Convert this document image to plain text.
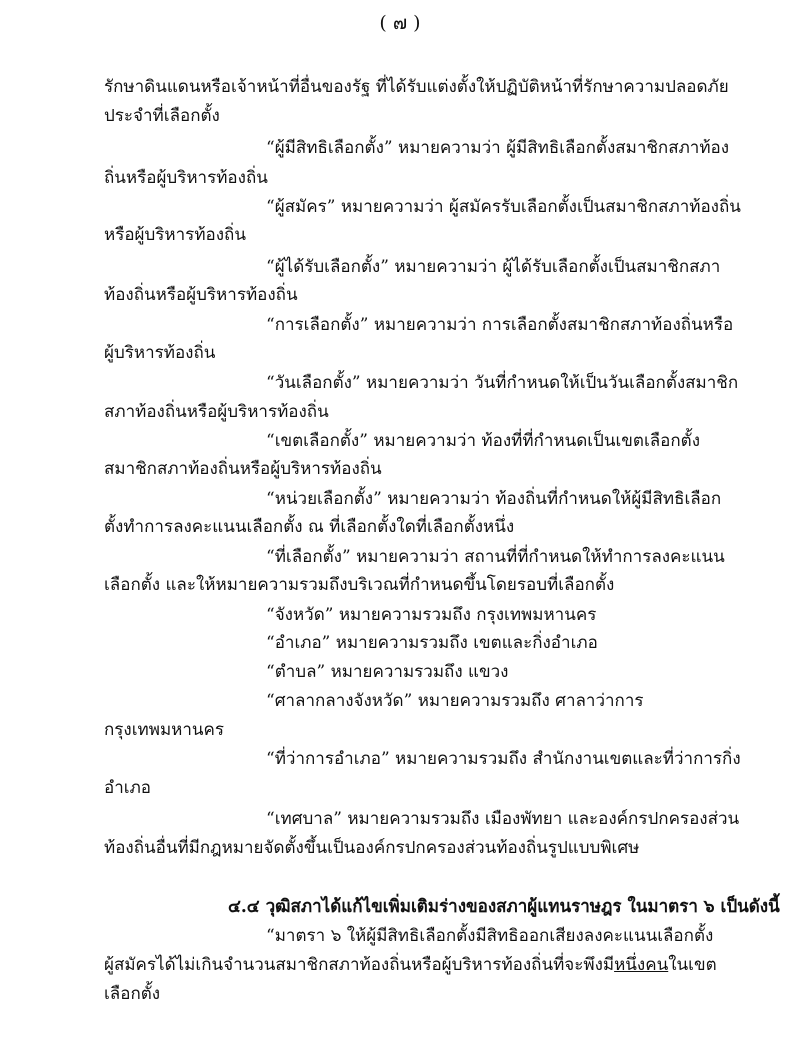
( ๗ )
รักษาดินแดนหรือเจ้าหน้าที่อื่นของรัฐ ที่ได้รับแต่งตั้งให้ปฏิบัติหน้าที่รักษาความปลอดภัย
ประจำที่เลือกตั้ง
“ผู้มีสิทธิเลือกตั้ง” หมายความว่า ผู้มีสิทธิเลือกตั้งสมาชิกสภาท้อง
ถิ่นหรือผู้บริหารท้องถิ่น
“ผู้สมัคร” หมายความว่า ผู้สมัครรับเลือกตั้งเป็นสมาชิกสภาท้องถิ่น
หรือผู้บริหารท้องถิ่น
“ผู้ได้รับเลือกตั้ง” หมายความว่า ผู้ได้รับเลือกตั้งเป็นสมาชิกสภา
ท้องถิ่นหรือผู้บริหารท้องถิ่น
“การเลือกตั้ง” หมายความว่า การเลือกตั้งสมาชิกสภาท้องถิ่นหรือ
ผู้บริหารท้องถิ่น
“วันเลือกตั้ง” หมายความว่า วันที่กำหนดให้เป็นวันเลือกตั้งสมาชิก
สภาท้องถิ่นหรือผู้บริหารท้องถิ่น
“เขตเลือกตั้ง” หมายความว่า ท้องที่ที่กำหนดเป็นเขตเลือกตั้ง
สมาชิกสภาท้องถิ่นหรือผู้บริหารท้องถิ่น
“หน่วยเลือกตั้ง” หมายความว่า ท้องถิ่นที่กำหนดให้ผู้มีสิทธิเลือก
ตั้งทำการลงคะแนนเลือกตั้ง ณ ที่เลือกตั้งใดที่เลือกตั้งหนึ่ง
“ที่เลือกตั้ง” หมายความว่า สถานที่ที่กำหนดให้ทำการลงคะแนน
เลือกตั้ง และให้หมายความรวมถึงบริเวณที่กำหนดขึ้นโดยรอบที่เลือกตั้ง
“จังหวัด” หมายความรวมถึง กรุงเทพมหานคร
“อำเภอ” หมายความรวมถึง เขตและกิ่งอำเภอ
“ตำบล” หมายความรวมถึง แขวง
“ศาลากลางจังหวัด” หมายความรวมถึง ศาลาว่าการ
กรุงเทพมหานคร
“ที่ว่าการอำเภอ” หมายความรวมถึง สำนักงานเขตและที่ว่าการกิ่ง
อำเภอ
“เทศบาล” หมายความรวมถึง เมืองพัทยา และองค์กรปกครองส่วน
ท้องถิ่นอื่นที่มีกฎหมายจัดตั้งขึ้นเป็นองค์กรปกครองส่วนท้องถิ่นรูปแบบพิเศษ
๔.๔ วุฒิสภาได้แก้ไขเพิ่มเติมร่างของสภาผู้แทนราษฎร ในมาตรา ๖ เป็นดังนี้
“มาตรา ๖ ให้ผู้มีสิทธิเลือกตั้งมีสิทธิออกเสียงลงคะแนนเลือกตั้ง
ผู้สมัครได้ไม่เกินจำนวนสมาชิกสภาท้องถิ่นหรือผู้บริหารท้องถิ่นที่จะพึงมีหนึ่งคนในเขต
เลือกตั้ง
